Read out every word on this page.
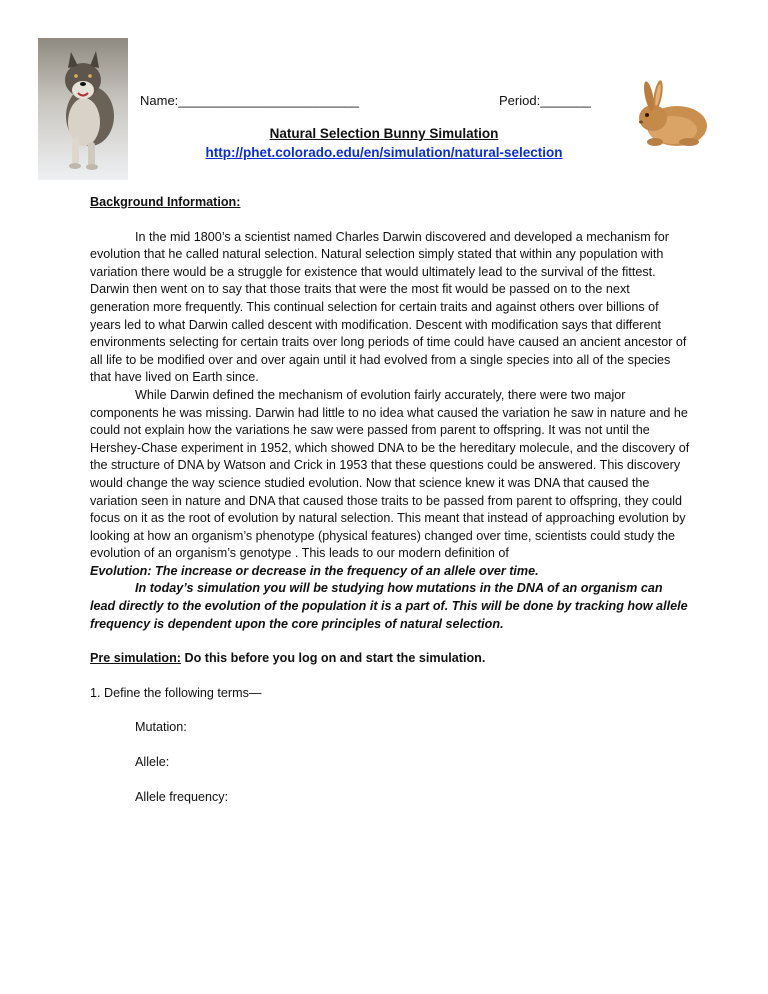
Name:_________________________	Period:_______
Natural Selection Bunny Simulation
http://phet.colorado.edu/en/simulation/natural-selection

Background Information:

In the mid 1800’s a scientist named Charles Darwin discovered and developed a mechanism for evolution that he called natural selection. Natural selection simply stated that within any population with variation there would be a struggle for existence that would ultimately lead to the survival of the fittest. Darwin then went on to say that those traits that were the most fit would be passed on to the next generation more frequently. This continual selection for certain traits and against others over billions of years led to what Darwin called descent with modification. Descent with modification says that different environments selecting for certain traits over long periods of time could have caused an ancient ancestor of all life to be modified over and over again until it had evolved from a single species into all of the species that have lived on Earth since.

While Darwin defined the mechanism of evolution fairly accurately, there were two major components he was missing. Darwin had little to no idea what caused the variation he saw in nature and he could not explain how the variations he saw were passed from parent to offspring. It was not until the Hershey-Chase experiment in 1952, which showed DNA to be the hereditary molecule, and the discovery of the structure of DNA by Watson and Crick in 1953 that these questions could be answered. This discovery would change the way science studied evolution. Now that science knew it was DNA that caused the variation seen in nature and DNA that caused those traits to be passed from parent to offspring, they could focus on it as the root of evolution by natural selection. This meant that instead of approaching evolution by looking at how an organism’s phenotype (physical features) changed over time, scientists could study the evolution of an organism’s genotype . This leads to our modern definition of

Evolution: The increase or decrease in the frequency of an allele over time.

In today’s simulation you will be studying how mutations in the DNA of an organism can lead directly to the evolution of the population it is a part of. This will be done by tracking how allele frequency is dependent upon the core principles of natural selection.

Pre simulation: Do this before you log on and start the simulation.

1. Define the following terms—

Mutation:

Allele:

Allele frequency:
